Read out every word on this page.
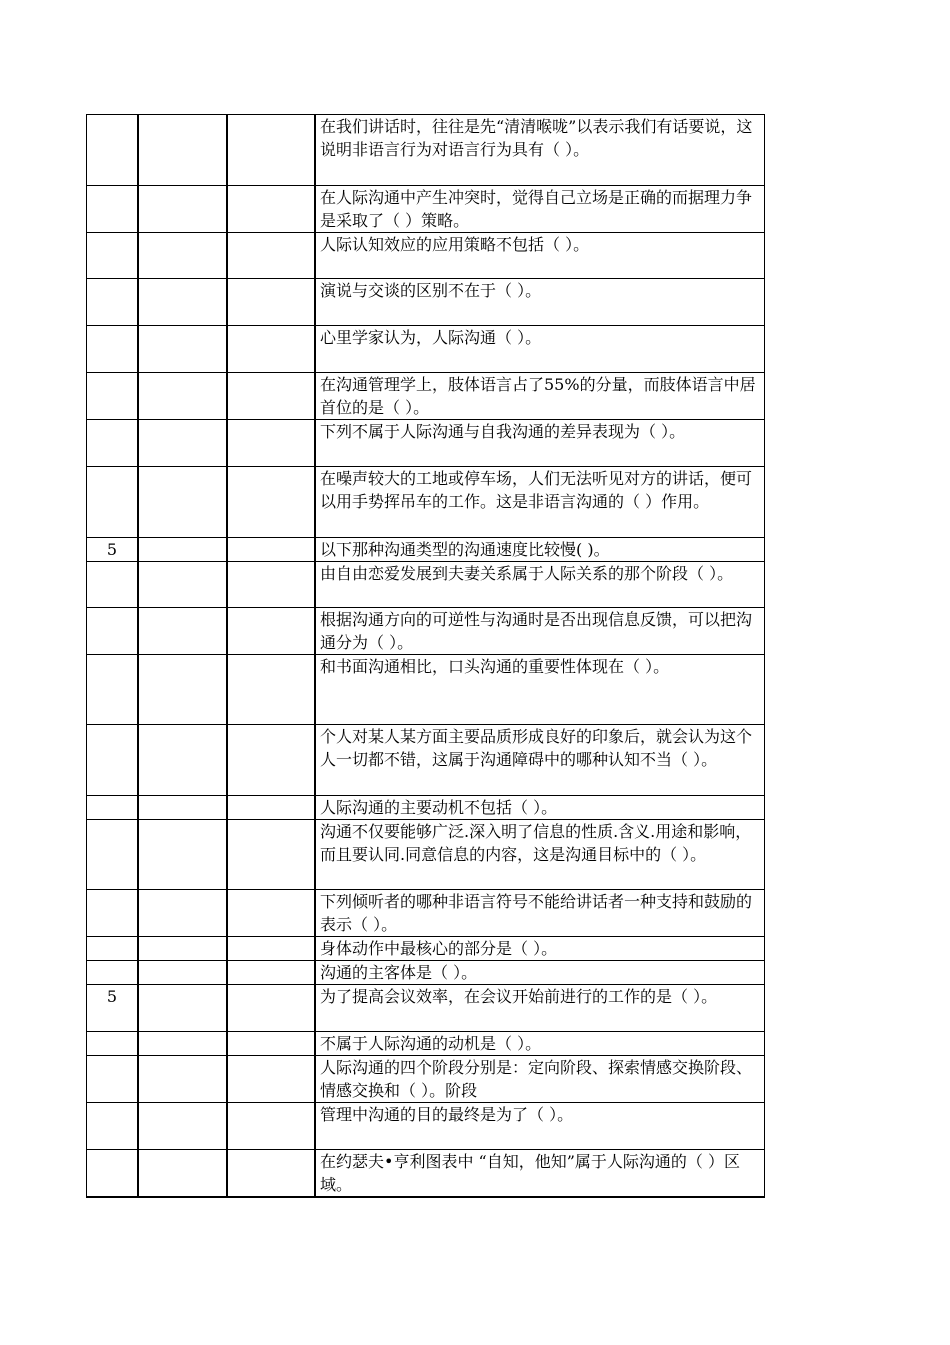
			在我们讲话时，往往是先“清清喉咙”以表示我们有话要说，这说明非语言行为对语言行为具有（ ）。
			在人际沟通中产生冲突时，觉得自己立场是正确的而据理力争是采取了（ ）策略。
			人际认知效应的应用策略不包括（ ）。
			演说与交谈的区别不在于（ ）。
			心里学家认为，人际沟通（ ）。
			在沟通管理学上，肢体语言占了55%的分量，而肢体语言中居首位的是（ ）。
			下列不属于人际沟通与自我沟通的差异表现为（ ）。
			在噪声较大的工地或停车场，人们无法听见对方的讲话，便可以用手势挥吊车的工作。这是非语言沟通的（ ）作用。
5			以下那种沟通类型的沟通速度比较慢( )。
			由自由恋爱发展到夫妻关系属于人际关系的那个阶段（ ）。
			根据沟通方向的可逆性与沟通时是否出现信息反馈，可以把沟通分为（ ）。
			和书面沟通相比，口头沟通的重要性体现在（ ）。
			个人对某人某方面主要品质形成良好的印象后，就会认为这个人一切都不错，这属于沟通障碍中的哪种认知不当（ ）。
			人际沟通的主要动机不包括（ ）。
			沟通不仅要能够广泛.深入明了信息的性质.含义.用途和影响，而且要认同.同意信息的内容，这是沟通目标中的（ ）。
			下列倾听者的哪种非语言符号不能给讲话者一种支持和鼓励的表示（ ）。
			身体动作中最核心的部分是（ ）。
			沟通的主客体是（ ）。
5			为了提高会议效率，在会议开始前进行的工作的是（ ）。
			不属于人际沟通的动机是（ ）。
			人际沟通的四个阶段分别是：定向阶段、探索情感交换阶段、情感交换和（ ）。阶段
			管理中沟通的目的最终是为了（ ）。
			在约瑟夫•亨利图表中 “自知，他知”属于人际沟通的（ ）区域。
